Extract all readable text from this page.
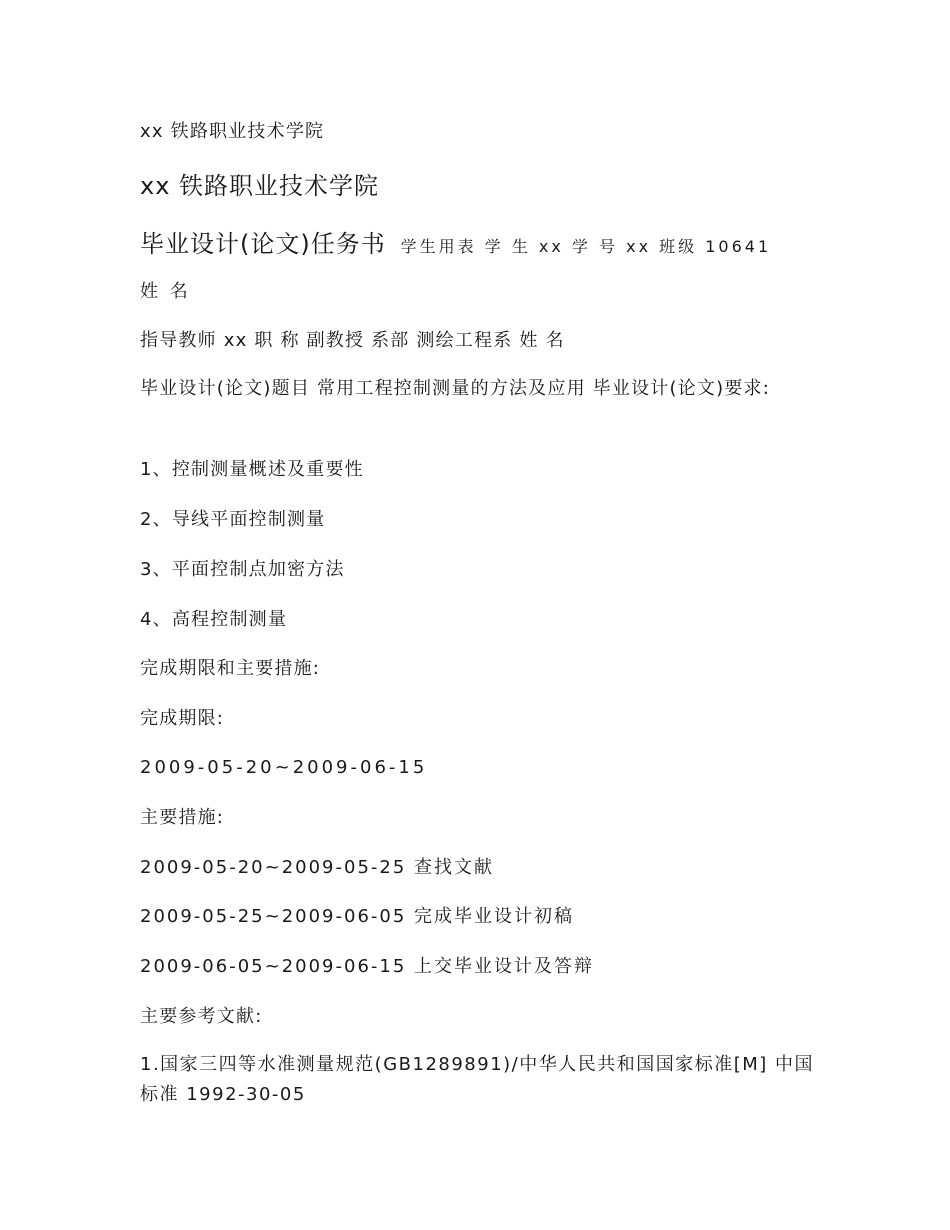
xx 铁路职业技术学院
xx 铁路职业技术学院
毕业设计(论文)任务书 学生用表 学 生 xx 学 号 xx 班级 10641
姓 名
指导教师 xx 职 称 副教授 系部 测绘工程系 姓 名
毕业设计(论文)题目 常用工程控制测量的方法及应用 毕业设计(论文)要求:
1、控制测量概述及重要性
2、导线平面控制测量
3、平面控制点加密方法
4、高程控制测量
完成期限和主要措施:
完成期限:
2009-05-20~2009-06-15
主要措施:
2009-05-20~2009-05-25 查找文献
2009-05-25~2009-06-05 完成毕业设计初稿
2009-06-05~2009-06-15 上交毕业设计及答辩
主要参考文献:
1.国家三四等水准测量规范(GB1289891)/中华人民共和国国家标准[M] 中国标准 1992-30-05
